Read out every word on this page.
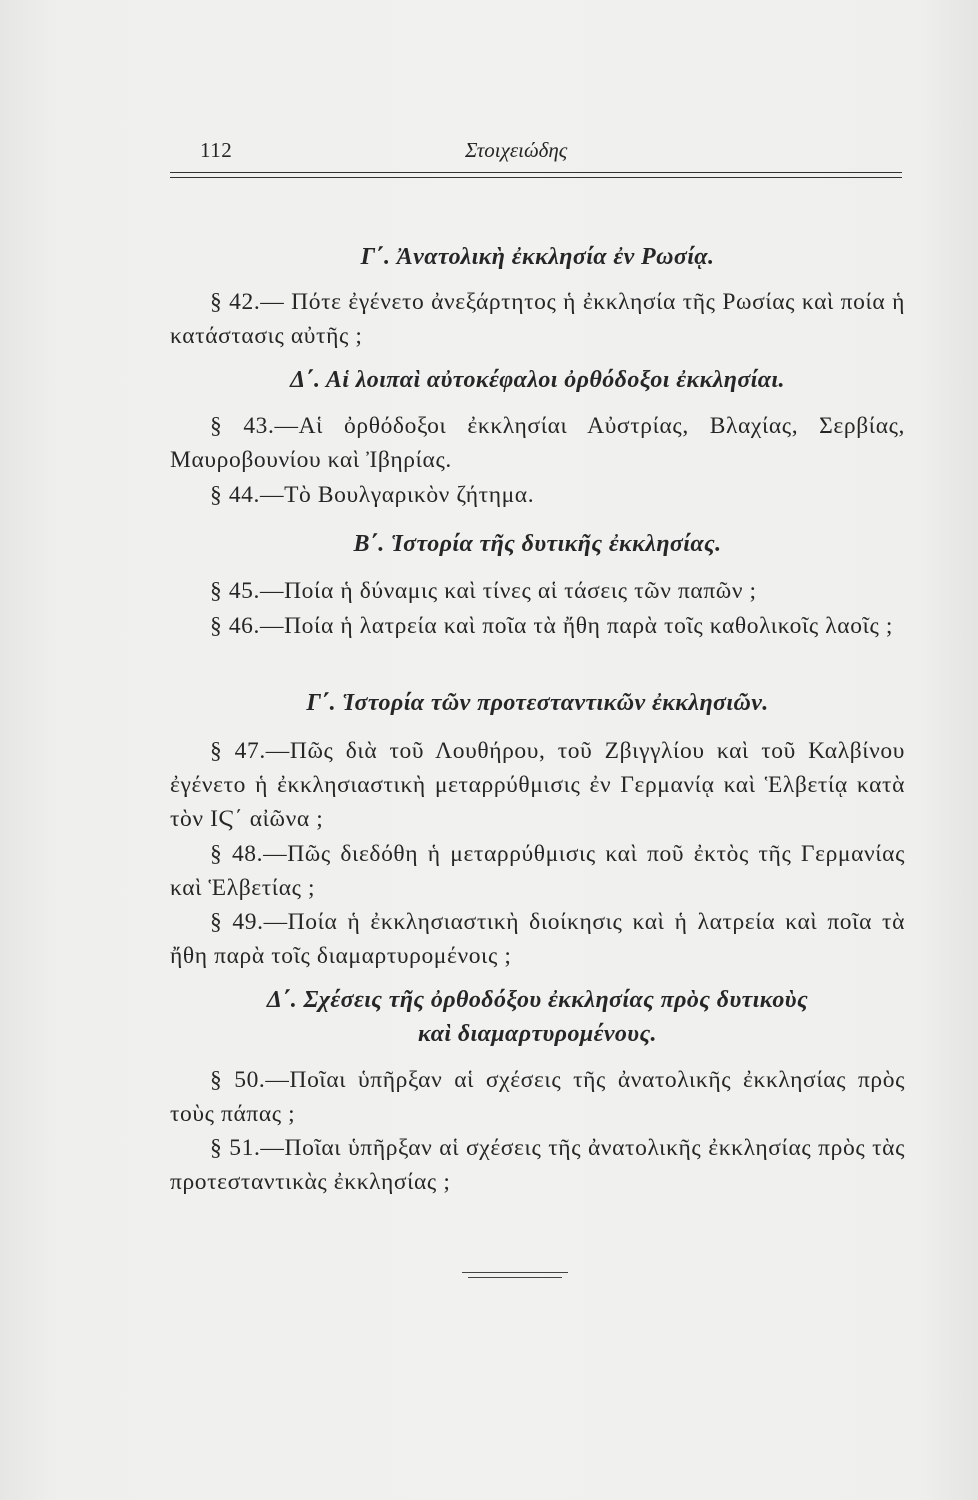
112	Στοιχειώδης
Γ΄. Ἀνατολικὴ ἐκκλησία ἐν Ρωσίᾳ.
§ 42.— Πότε ἐγένετο ἀνεξάρτητος ἡ ἐκκλησία τῆς Ρωσίας καὶ ποία ἡ κατάστασις αὐτῆς ;
Δ΄. Αἱ λοιπαὶ αὐτοκέφαλοι ὀρθόδοξοι ἐκκλησίαι.
§ 43.—Αἱ ὀρθόδοξοι ἐκκλησίαι Αὐστρίας, Βλαχίας, Σερβίας, Μαυροβουνίου καὶ Ἰβηρίας.
§ 44.—Τὸ Βουλγαρικὸν ζήτημα.
Β΄. Ἱστορία τῆς δυτικῆς ἐκκλησίας.
§ 45.—Ποία ἡ δύναμις καὶ τίνες αἱ τάσεις τῶν παπῶν ;
§ 46.—Ποία ἡ λατρεία καὶ ποῖα τὰ ἤθη παρὰ τοῖς καθολικοῖς λαοῖς ;
Γ΄. Ἱστορία τῶν προτεσταντικῶν ἐκκλησιῶν.
§ 47.—Πῶς διὰ τοῦ Λουθήρου, τοῦ Ζβιγγλίου καὶ τοῦ Καλβίνου ἐγένετο ἡ ἐκκλησιαστικὴ μεταρρύθμισις ἐν Γερμανίᾳ καὶ Ἑλβετίᾳ κατὰ τὸν ΙϚ΄ αἰῶνα ;
§ 48.—Πῶς διεδόθη ἡ μεταρρύθμισις καὶ ποῦ ἐκτὸς τῆς Γερμανίας καὶ Ἑλβετίας ;
§ 49.—Ποία ἡ ἐκκλησιαστικὴ διοίκησις καὶ ἡ λατρεία καὶ ποῖα τὰ ἤθη παρὰ τοῖς διαμαρτυρομένοις ;
Δ΄. Σχέσεις τῆς ὀρθοδόξου ἐκκλησίας πρὸς δυτικοὺς
καὶ διαμαρτυρομένους.
§ 50.—Ποῖαι ὑπῆρξαν αἱ σχέσεις τῆς ἀνατολικῆς ἐκκλησίας πρὸς τοὺς πάπας ;
§ 51.—Ποῖαι ὑπῆρξαν αἱ σχέσεις τῆς ἀνατολικῆς ἐκκλησίας πρὸς τὰς προτεσταντικὰς ἐκκλησίας ;
